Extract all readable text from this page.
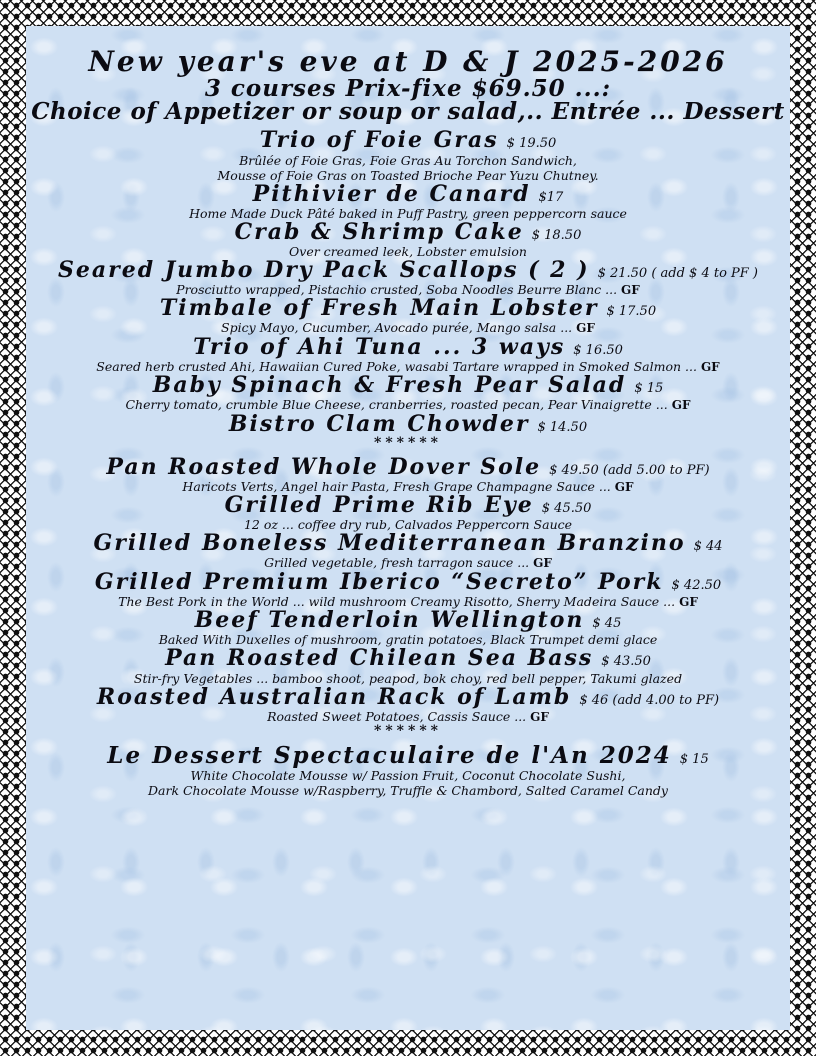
New year's eve at D & J 2025-2026
3 courses Prix-fixe $69.50 ...:
Choice of Appetizer or soup or salad,.. Entrée ... Dessert
Trio of Foie Gras $ 19.50
Brûlée of Foie Gras, Foie Gras Au Torchon Sandwich,
Mousse of Foie Gras on Toasted Brioche Pear Yuzu Chutney.
Pithivier de Canard $17
Home Made Duck Pâté baked in Puff Pastry, green peppercorn sauce
Crab & Shrimp Cake $ 18.50
Over creamed leek, Lobster emulsion
Seared Jumbo Dry Pack Scallops ( 2 ) $ 21.50 ( add $ 4 to PF )
Prosciutto wrapped, Pistachio crusted, Soba Noodles Beurre Blanc ... GF
Timbale of Fresh Main Lobster $ 17.50
Spicy Mayo, Cucumber, Avocado purée, Mango salsa ... GF
Trio of Ahi Tuna ... 3 ways $ 16.50
Seared herb crusted Ahi, Hawaiian Cured Poke, wasabi Tartare wrapped in Smoked Salmon ... GF
Baby Spinach & Fresh Pear Salad $ 15
Cherry tomato, crumble Blue Cheese, cranberries, roasted pecan, Pear Vinaigrette ... GF
Bistro Clam Chowder $ 14.50
******
Pan Roasted Whole Dover Sole $ 49.50 (add 5.00 to PF)
Haricots Verts, Angel hair Pasta, Fresh Grape Champagne Sauce ... GF
Grilled Prime Rib Eye $ 45.50
12 oz ... coffee dry rub, Calvados Peppercorn Sauce
Grilled Boneless Mediterranean Branzino $ 44
Grilled vegetable, fresh tarragon sauce ... GF
Grilled Premium Iberico “Secreto” Pork $ 42.50
The Best Pork in the World ... wild mushroom Creamy Risotto, Sherry Madeira Sauce ... GF
Beef Tenderloin Wellington $ 45
Baked With Duxelles of mushroom, gratin potatoes, Black Trumpet demi glace
Pan Roasted Chilean Sea Bass $ 43.50
Stir-fry Vegetables ... bamboo shoot, peapod, bok choy, red bell pepper, Takumi glazed
Roasted Australian Rack of Lamb $ 46 (add 4.00 to PF)
Roasted Sweet Potatoes, Cassis Sauce ... GF
******
Le Dessert Spectaculaire de l'An 2024 $ 15
White Chocolate Mousse w/ Passion Fruit, Coconut Chocolate Sushi,
Dark Chocolate Mousse w/Raspberry, Truffle & Chambord, Salted Caramel Candy
